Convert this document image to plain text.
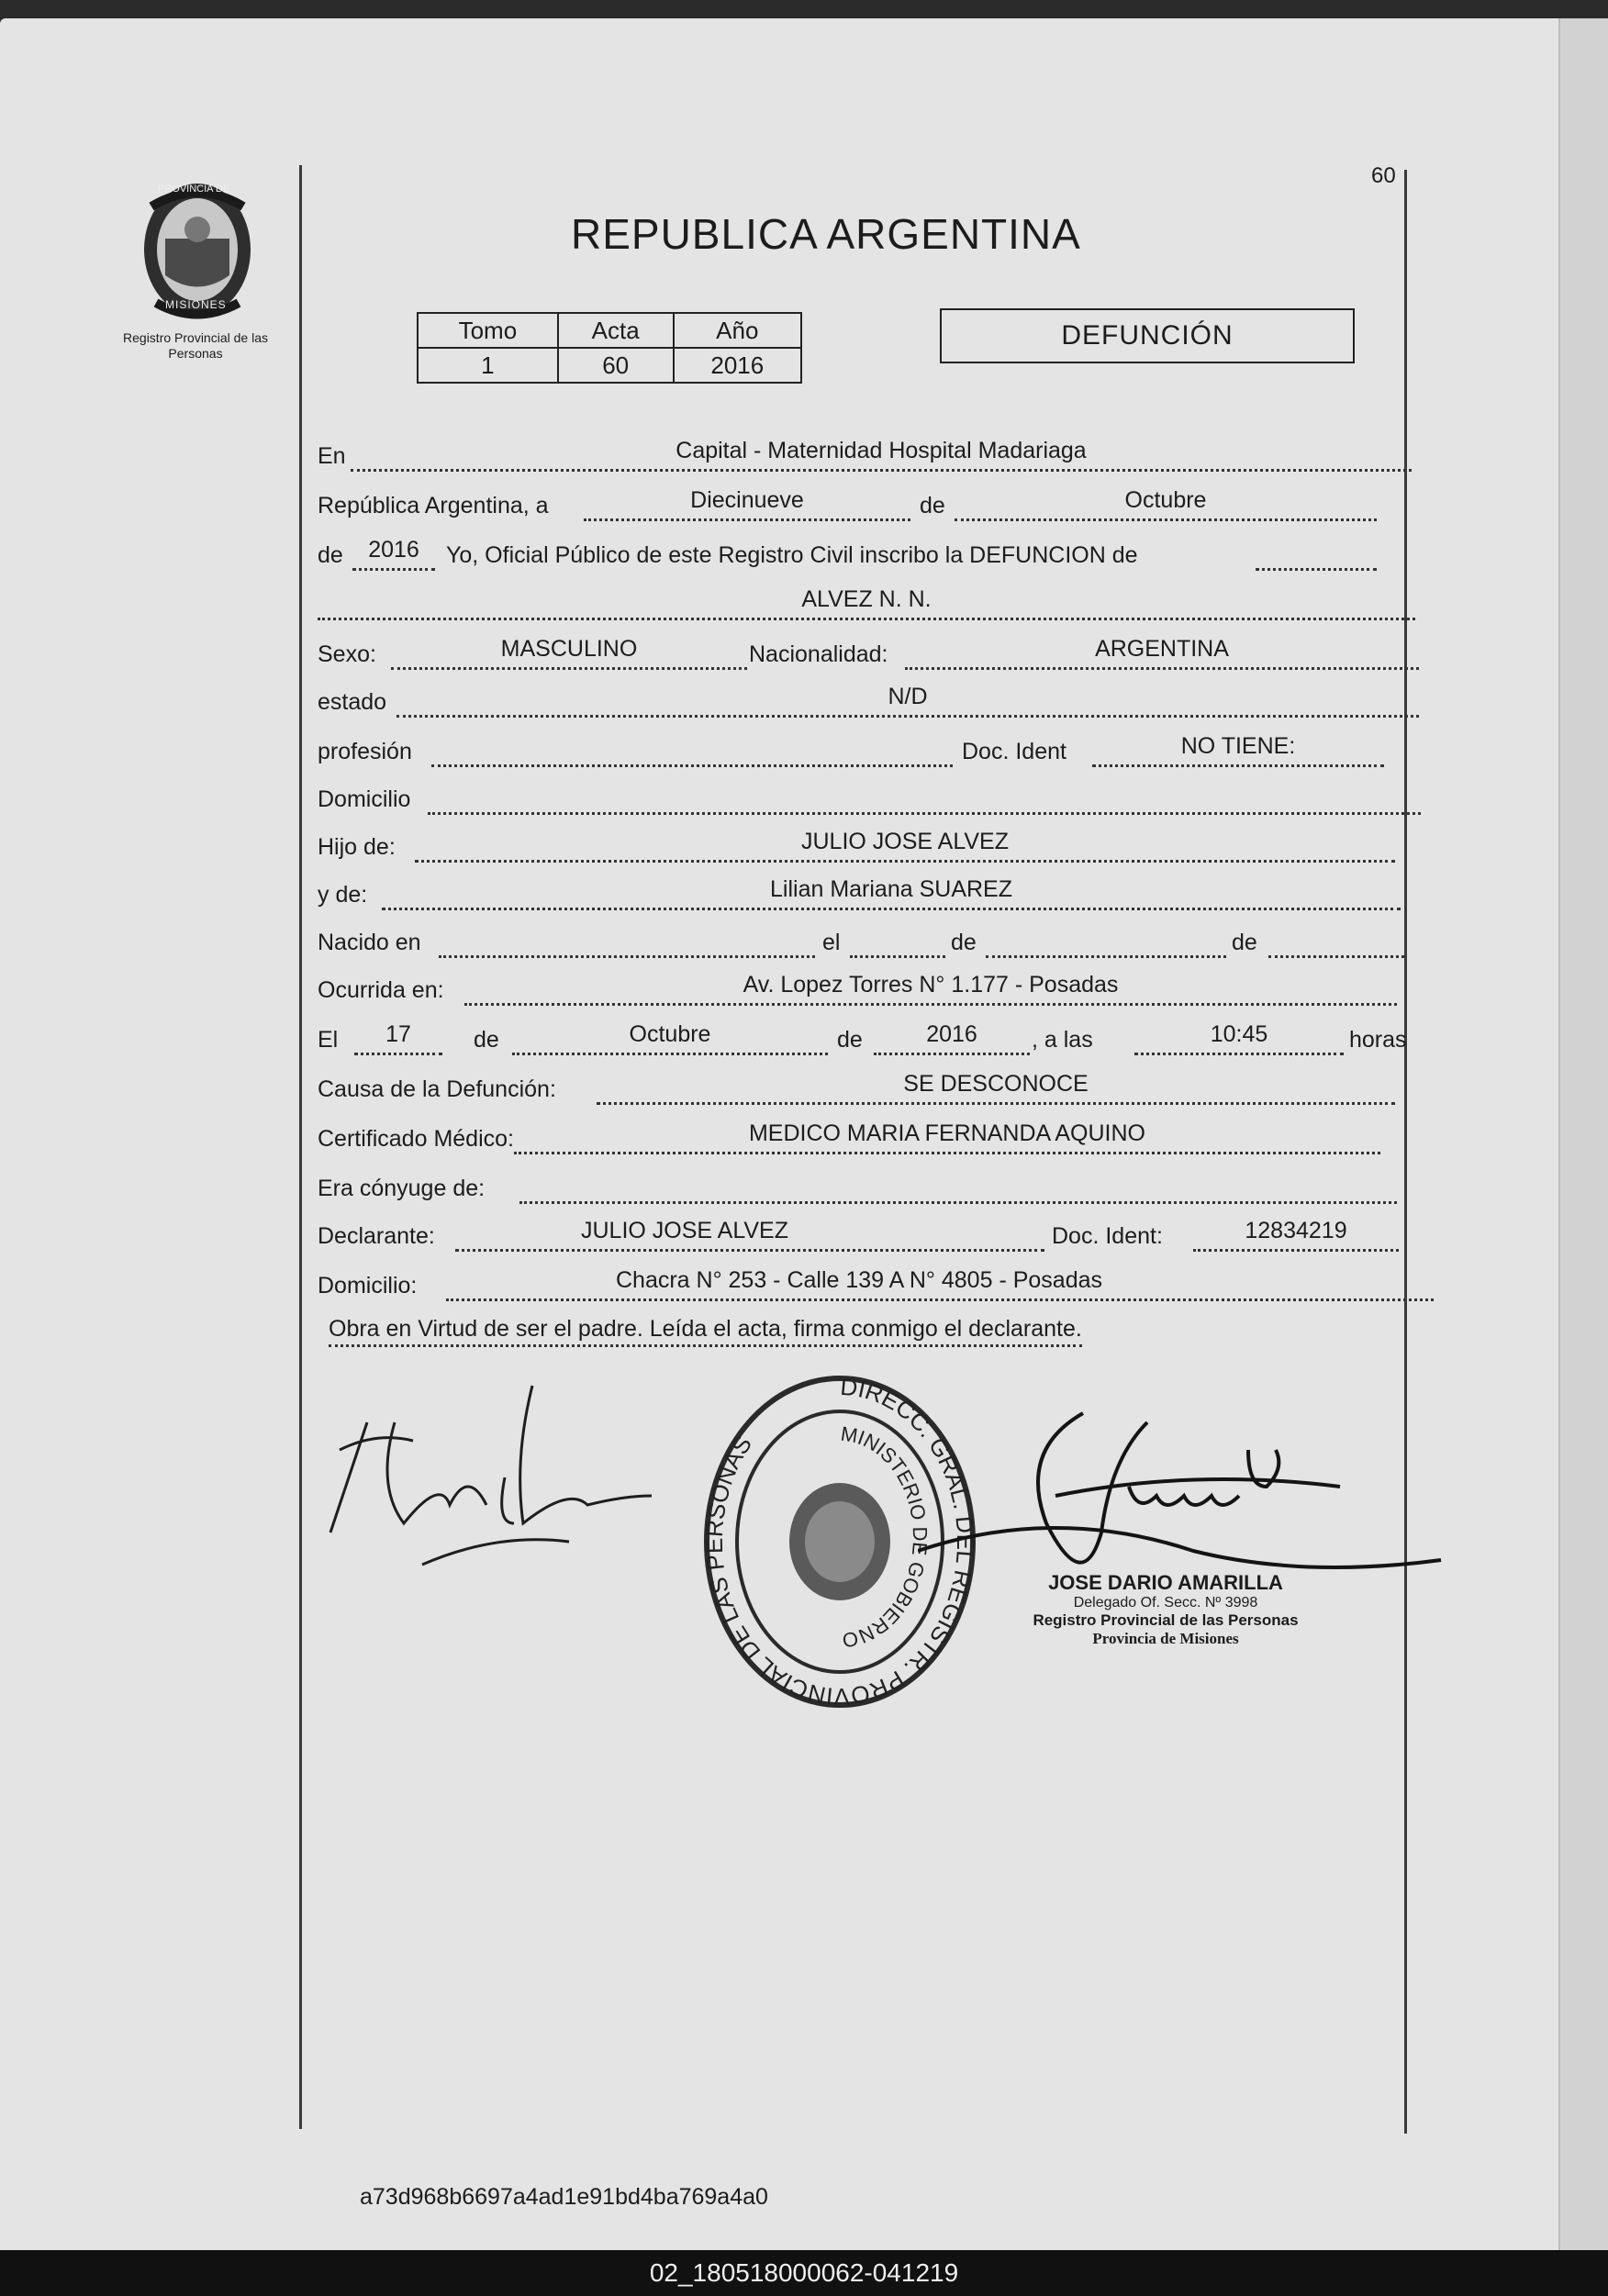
60
MISIONES
PROVINCIA DE
Registro Provincial de las Personas
REPUBLICA ARGENTINA
Tomo	Acta	Año
1	60	2016
DEFUNCIÓN
En	Capital - Maternidad Hospital Madariaga
República Argentina, a	Diecinueve	de	Octubre
de	2016	Yo, Oficial Público de este Registro Civil inscribo la DEFUNCION de
ALVEZ N. N.
Sexo:	MASCULINO	Nacionalidad:	ARGENTINA
estado	N/D
profesión	Doc. Ident	NO TIENE:
Domicilio
Hijo de:	JULIO JOSE ALVEZ
y de:	Lilian Mariana SUAREZ
Nacido en	el	de	de
Ocurrida en:	Av. Lopez Torres N° 1.177 - Posadas
El	17	de	Octubre	de	2016	, a las	10:45	horas
Causa de la Defunción:	SE DESCONOCE
Certificado Médico:	MEDICO MARIA FERNANDA AQUINO
Era cónyuge de:
Declarante:	JULIO JOSE ALVEZ	Doc. Ident:	12834219
Domicilio:	Chacra N° 253 - Calle 139 A N° 4805 - Posadas
Obra en Virtud de ser el padre. Leída el acta, firma conmigo el declarante.
DIRECC. GRAL. DEL REGISTR. PROVINCIAL DE LAS PERSONAS	MINISTERIO DE GOBIERNO
JOSE DARIO AMARILLA
Delegado Of. Secc. Nº 3998
Registro Provincial de las Personas
Provincia de Misiones
a73d968b6697a4ad1e91bd4ba769a4a0
02_180518000062-041219
